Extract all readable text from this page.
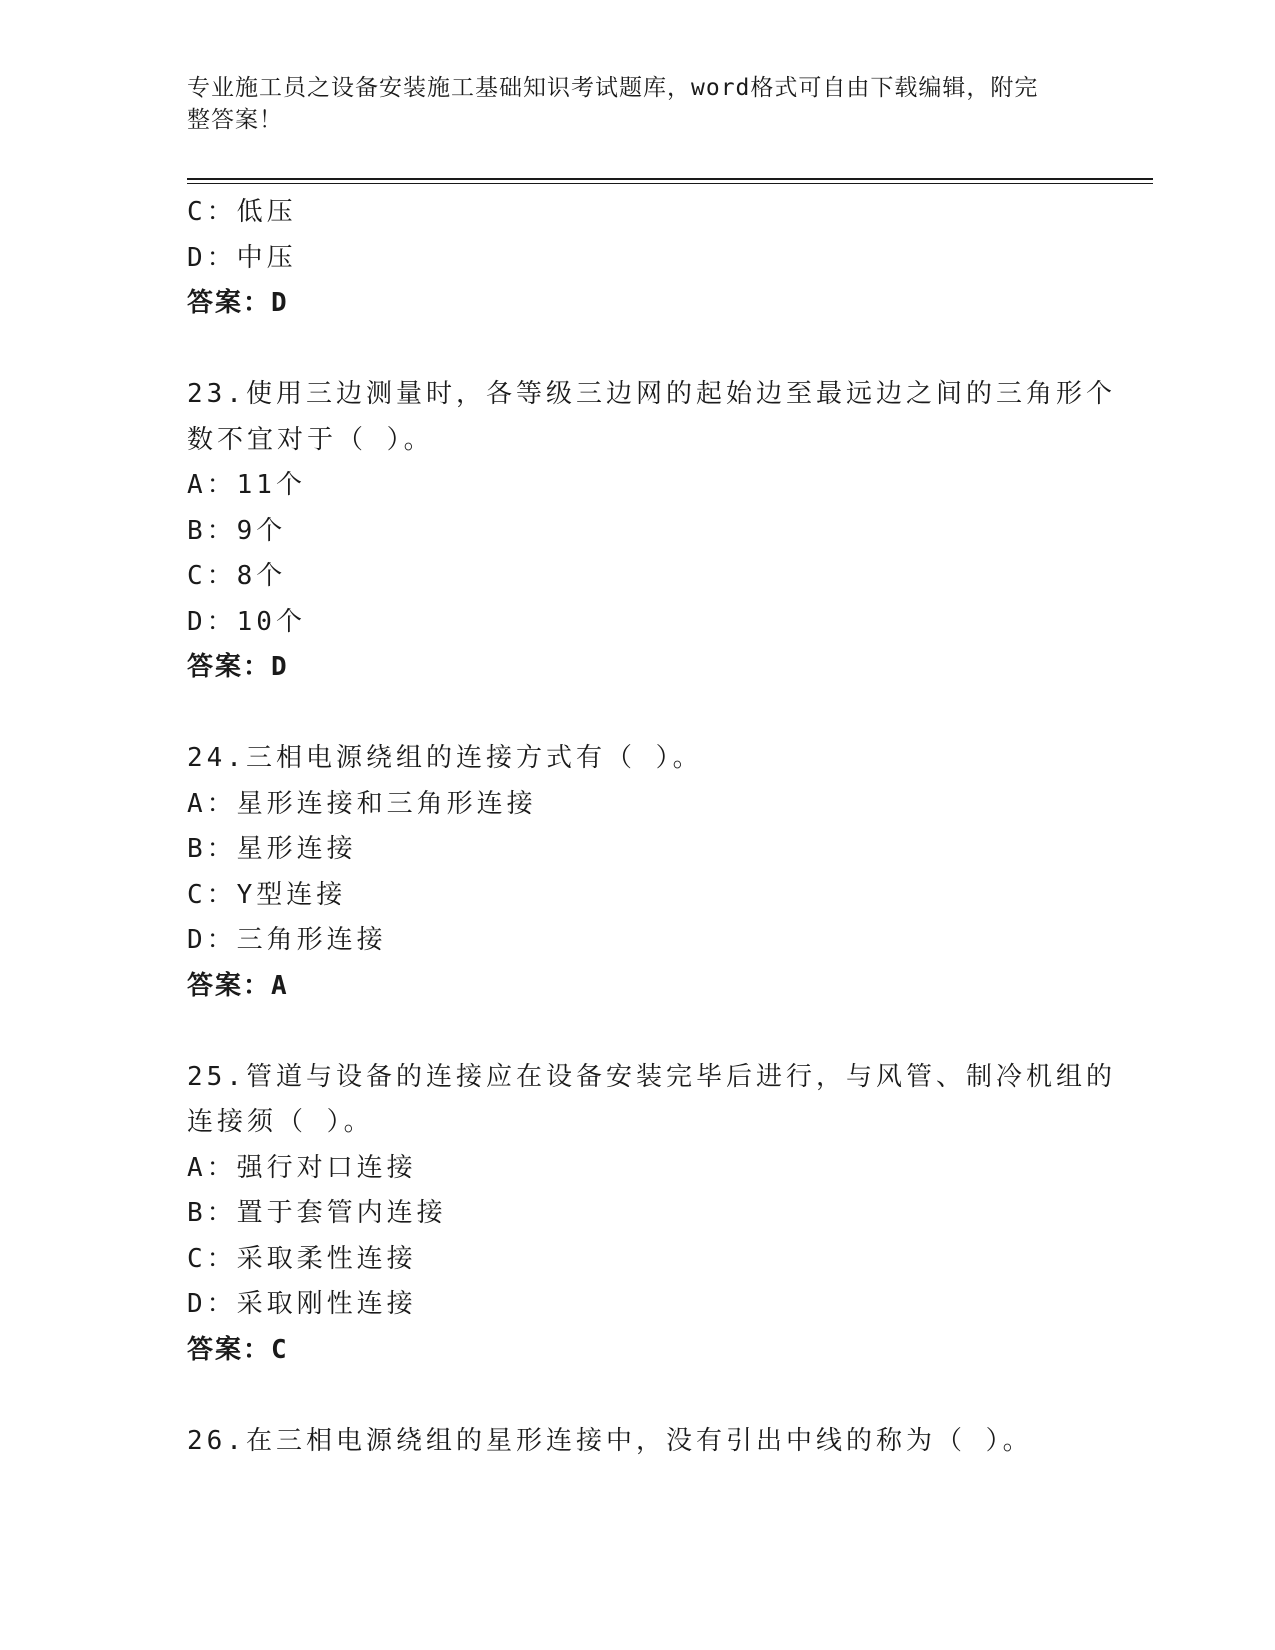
专业施工员之设备安装施工基础知识考试题库，word格式可自由下载编辑，附完
整答案！
C：低压
D：中压
答案：D
23.使用三边测量时，各等级三边网的起始边至最远边之间的三角形个
数不宜对于（ ）。
A：11个
B：9个
C：8个
D：10个
答案：D
24.三相电源绕组的连接方式有（ ）。
A：星形连接和三角形连接
B：星形连接
C：Y型连接
D：三角形连接
答案：A
25.管道与设备的连接应在设备安装完毕后进行，与风管、制冷机组的
连接须（ ）。
A：强行对口连接
B：置于套管内连接
C：采取柔性连接
D：采取刚性连接
答案：C
26.在三相电源绕组的星形连接中，没有引出中线的称为（ ）。
